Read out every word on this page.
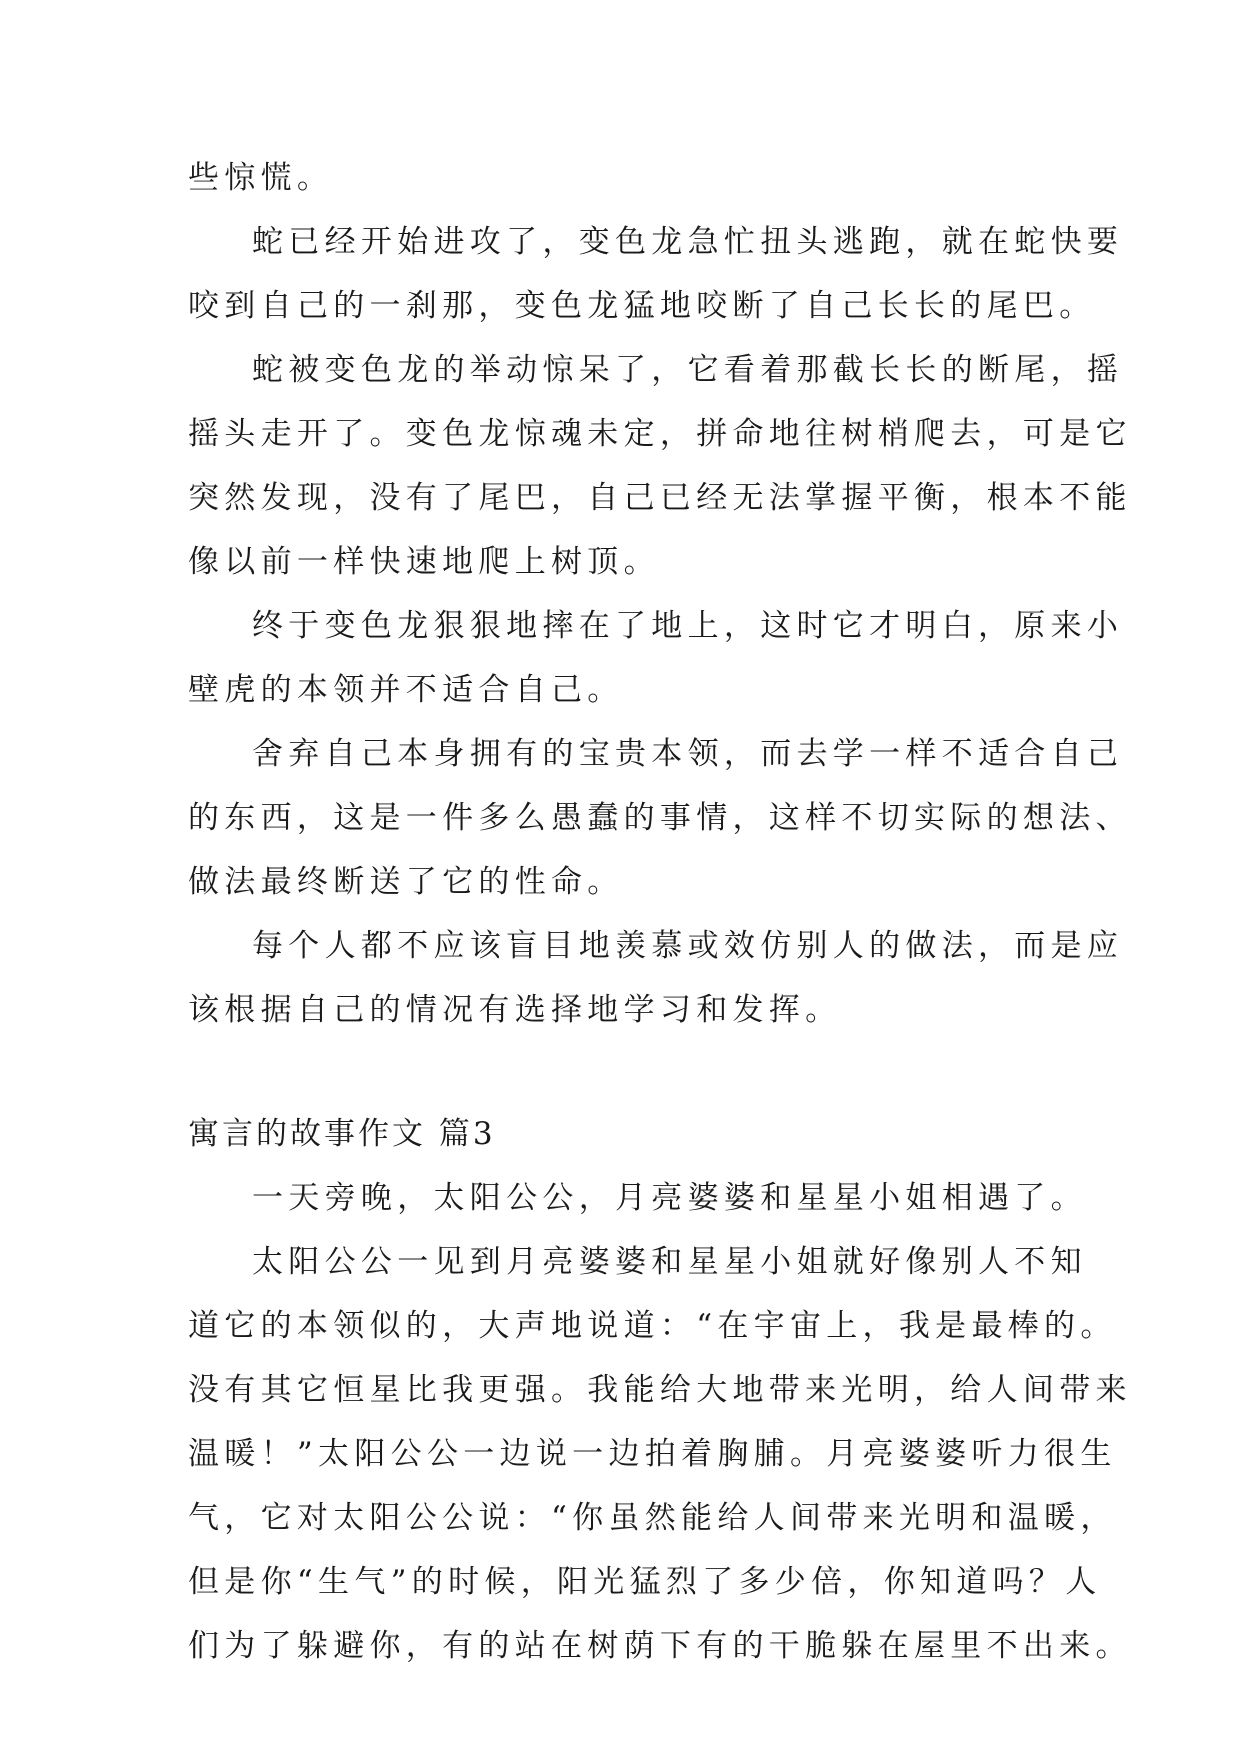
些惊慌。

蛇已经开始进攻了，变色龙急忙扭头逃跑，就在蛇快要

咬到自己的一刹那，变色龙猛地咬断了自己长长的尾巴。

蛇被变色龙的举动惊呆了，它看着那截长长的断尾，摇

摇头走开了。变色龙惊魂未定，拼命地往树梢爬去，可是它

突然发现，没有了尾巴，自己已经无法掌握平衡，根本不能

像以前一样快速地爬上树顶。

终于变色龙狠狠地摔在了地上，这时它才明白，原来小

壁虎的本领并不适合自己。

舍弃自己本身拥有的宝贵本领，而去学一样不适合自己

的东西，这是一件多么愚蠢的事情，这样不切实际的想法、

做法最终断送了它的性命。

每个人都不应该盲目地羡慕或效仿别人的做法，而是应

该根据自己的情况有选择地学习和发挥。

寓言的故事作文 篇3

一天旁晚，太阳公公，月亮婆婆和星星小姐相遇了。

太阳公公一见到月亮婆婆和星星小姐就好像别人不知

道它的本领似的，大声地说道：“在宇宙上，我是最棒的。

没有其它恒星比我更强。我能给大地带来光明，给人间带来

温暖！”太阳公公一边说一边拍着胸脯。月亮婆婆听力很生

气，它对太阳公公说：“你虽然能给人间带来光明和温暖，

但是你“生气”的时候，阳光猛烈了多少倍，你知道吗？人

们为了躲避你，有的站在树荫下有的干脆躲在屋里不出来。
